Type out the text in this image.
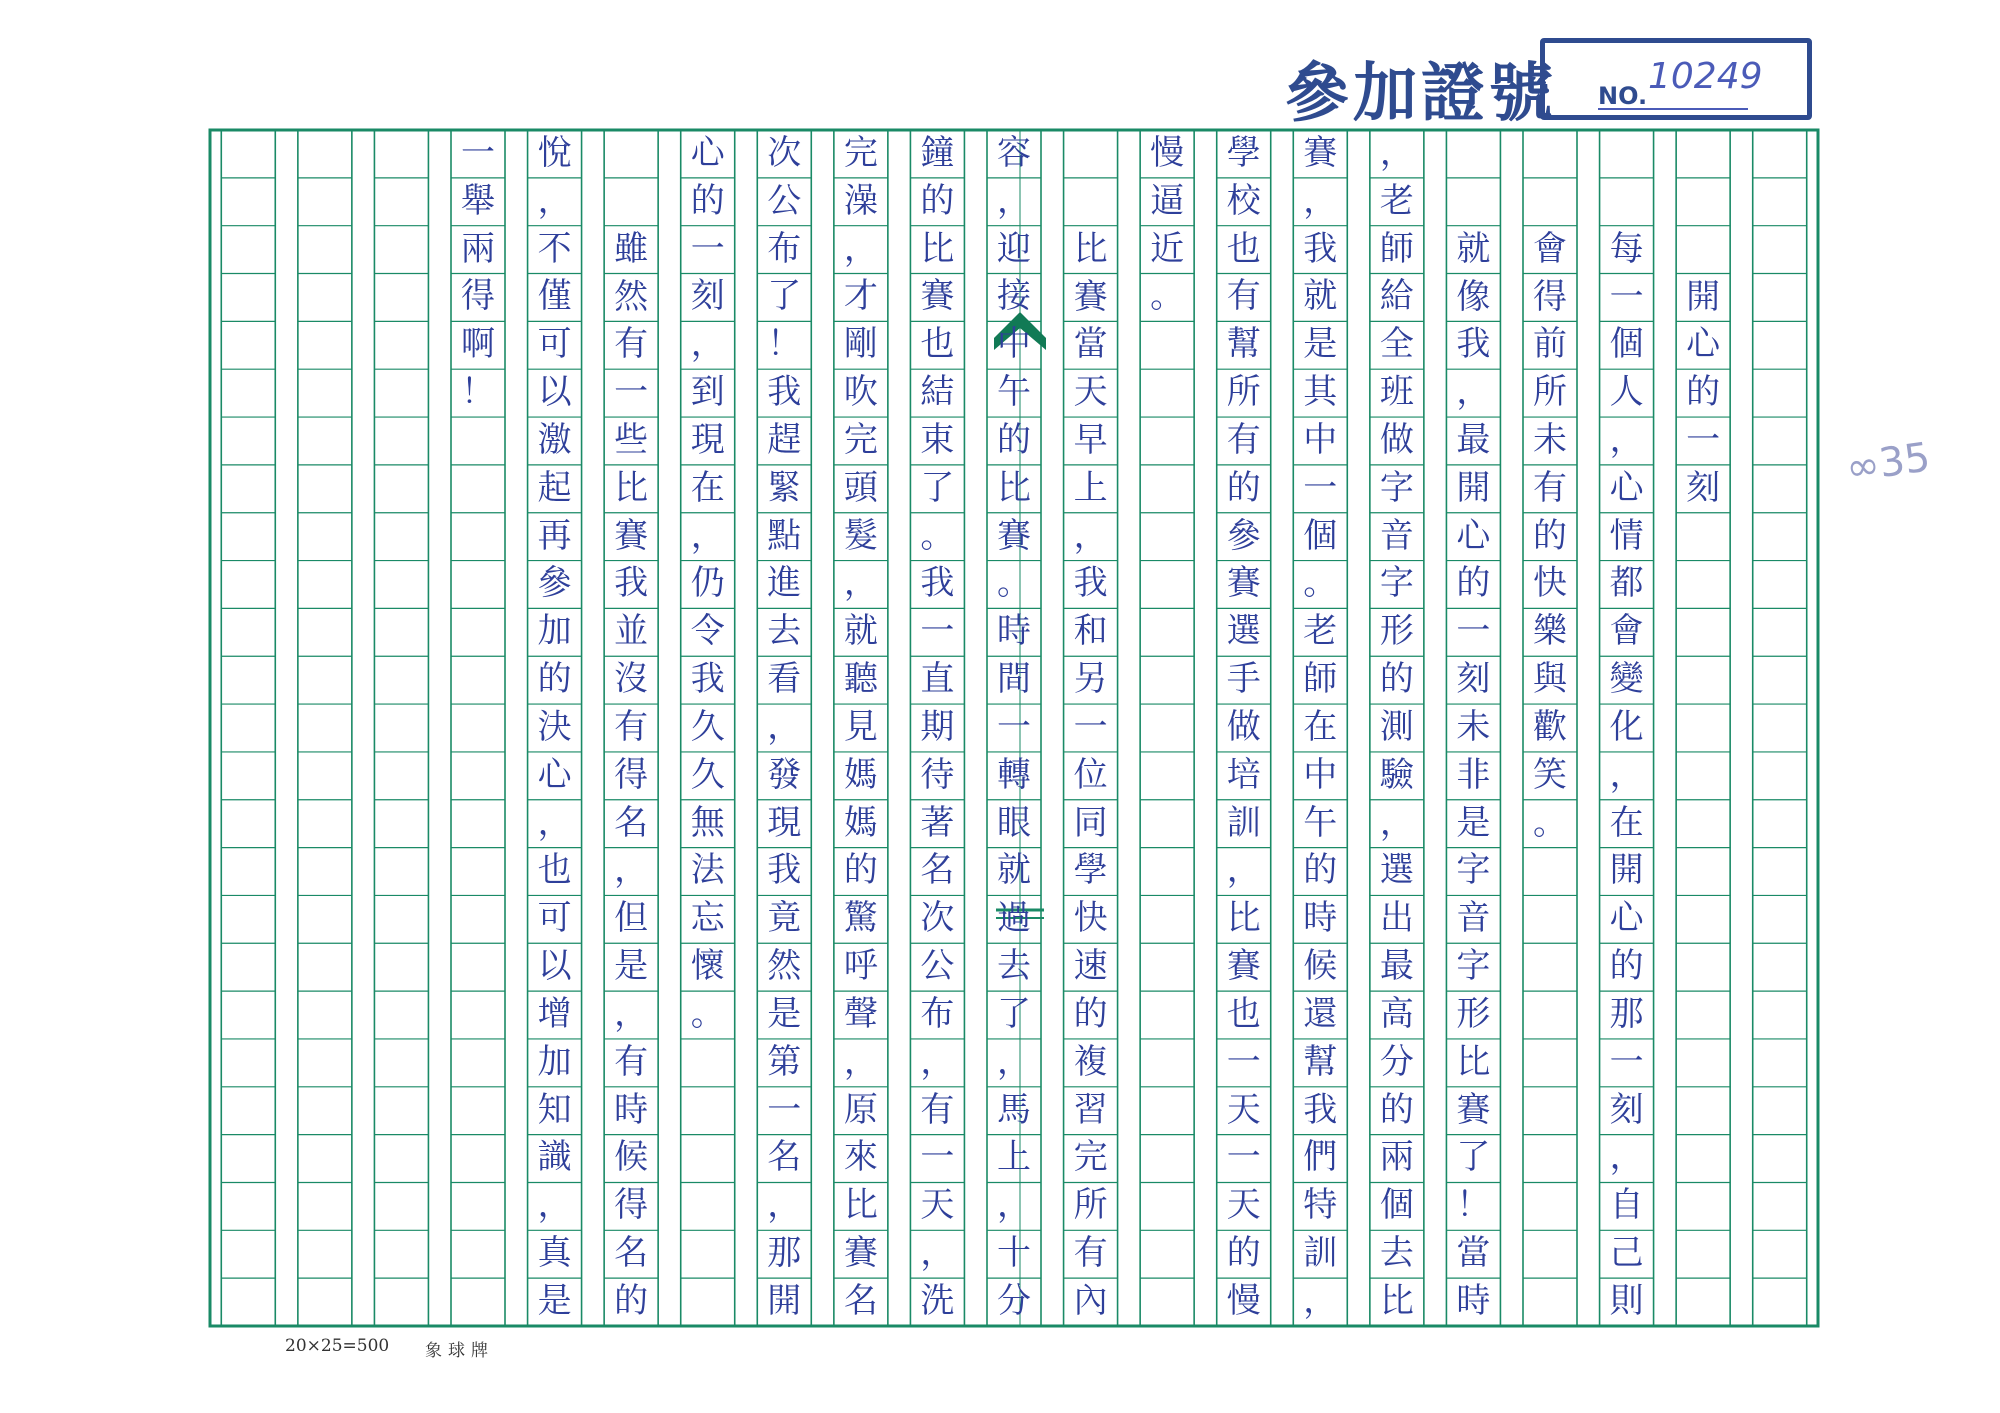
參加證號 NO. 10249
20×25=500 象球牌
∞35
開
心
的
一
刻
每
一
個
人
，
心
情
都
會
變
化
，
在
開
心
的
那
一
刻
，
自
己
則
會
得
前
所
未
有
的
快
樂
與
歡
笑
。
就
像
我
，
最
開
心
的
一
刻
未
非
是
字
音
字
形
比
賽
了
！
當
時
，
老
師
給
全
班
做
字
音
字
形
的
測
驗
，
選
出
最
高
分
的
兩
個
去
比
賽
，
我
就
是
其
中
一
個
。
老
師
在
中
午
的
時
候
還
幫
我
們
特
訓
，
學
校
也
有
幫
所
有
的
參
賽
選
手
做
培
訓
，
比
賽
也
一
天
一
天
的
慢
慢
逼
近
。
比
賽
當
天
早
上
，
我
和
另
一
位
同
學
快
速
的
複
習
完
所
有
內
容
，
迎
接
中
午
的
比
賽
。
時
間
一
轉
眼
就
過
去
了
，
馬
上
，
十
分
鐘
的
比
賽
也
結
束
了
。
我
一
直
期
待
著
名
次
公
布
，
有
一
天
，
洗
完
澡
，
才
剛
吹
完
頭
髮
，
就
聽
見
媽
媽
的
驚
呼
聲
，
原
來
比
賽
名
次
公
布
了
！
我
趕
緊
點
進
去
看
，
發
現
我
竟
然
是
第
一
名
，
那
開
心
的
一
刻
，
到
現
在
，
仍
令
我
久
久
無
法
忘
懷
。
雖
然
有
一
些
比
賽
我
並
沒
有
得
名
，
但
是
，
有
時
候
得
名
的
悅
，
不
僅
可
以
激
起
再
參
加
的
決
心
，
也
可
以
增
加
知
識
，
真
是
一
舉
兩
得
啊
！
